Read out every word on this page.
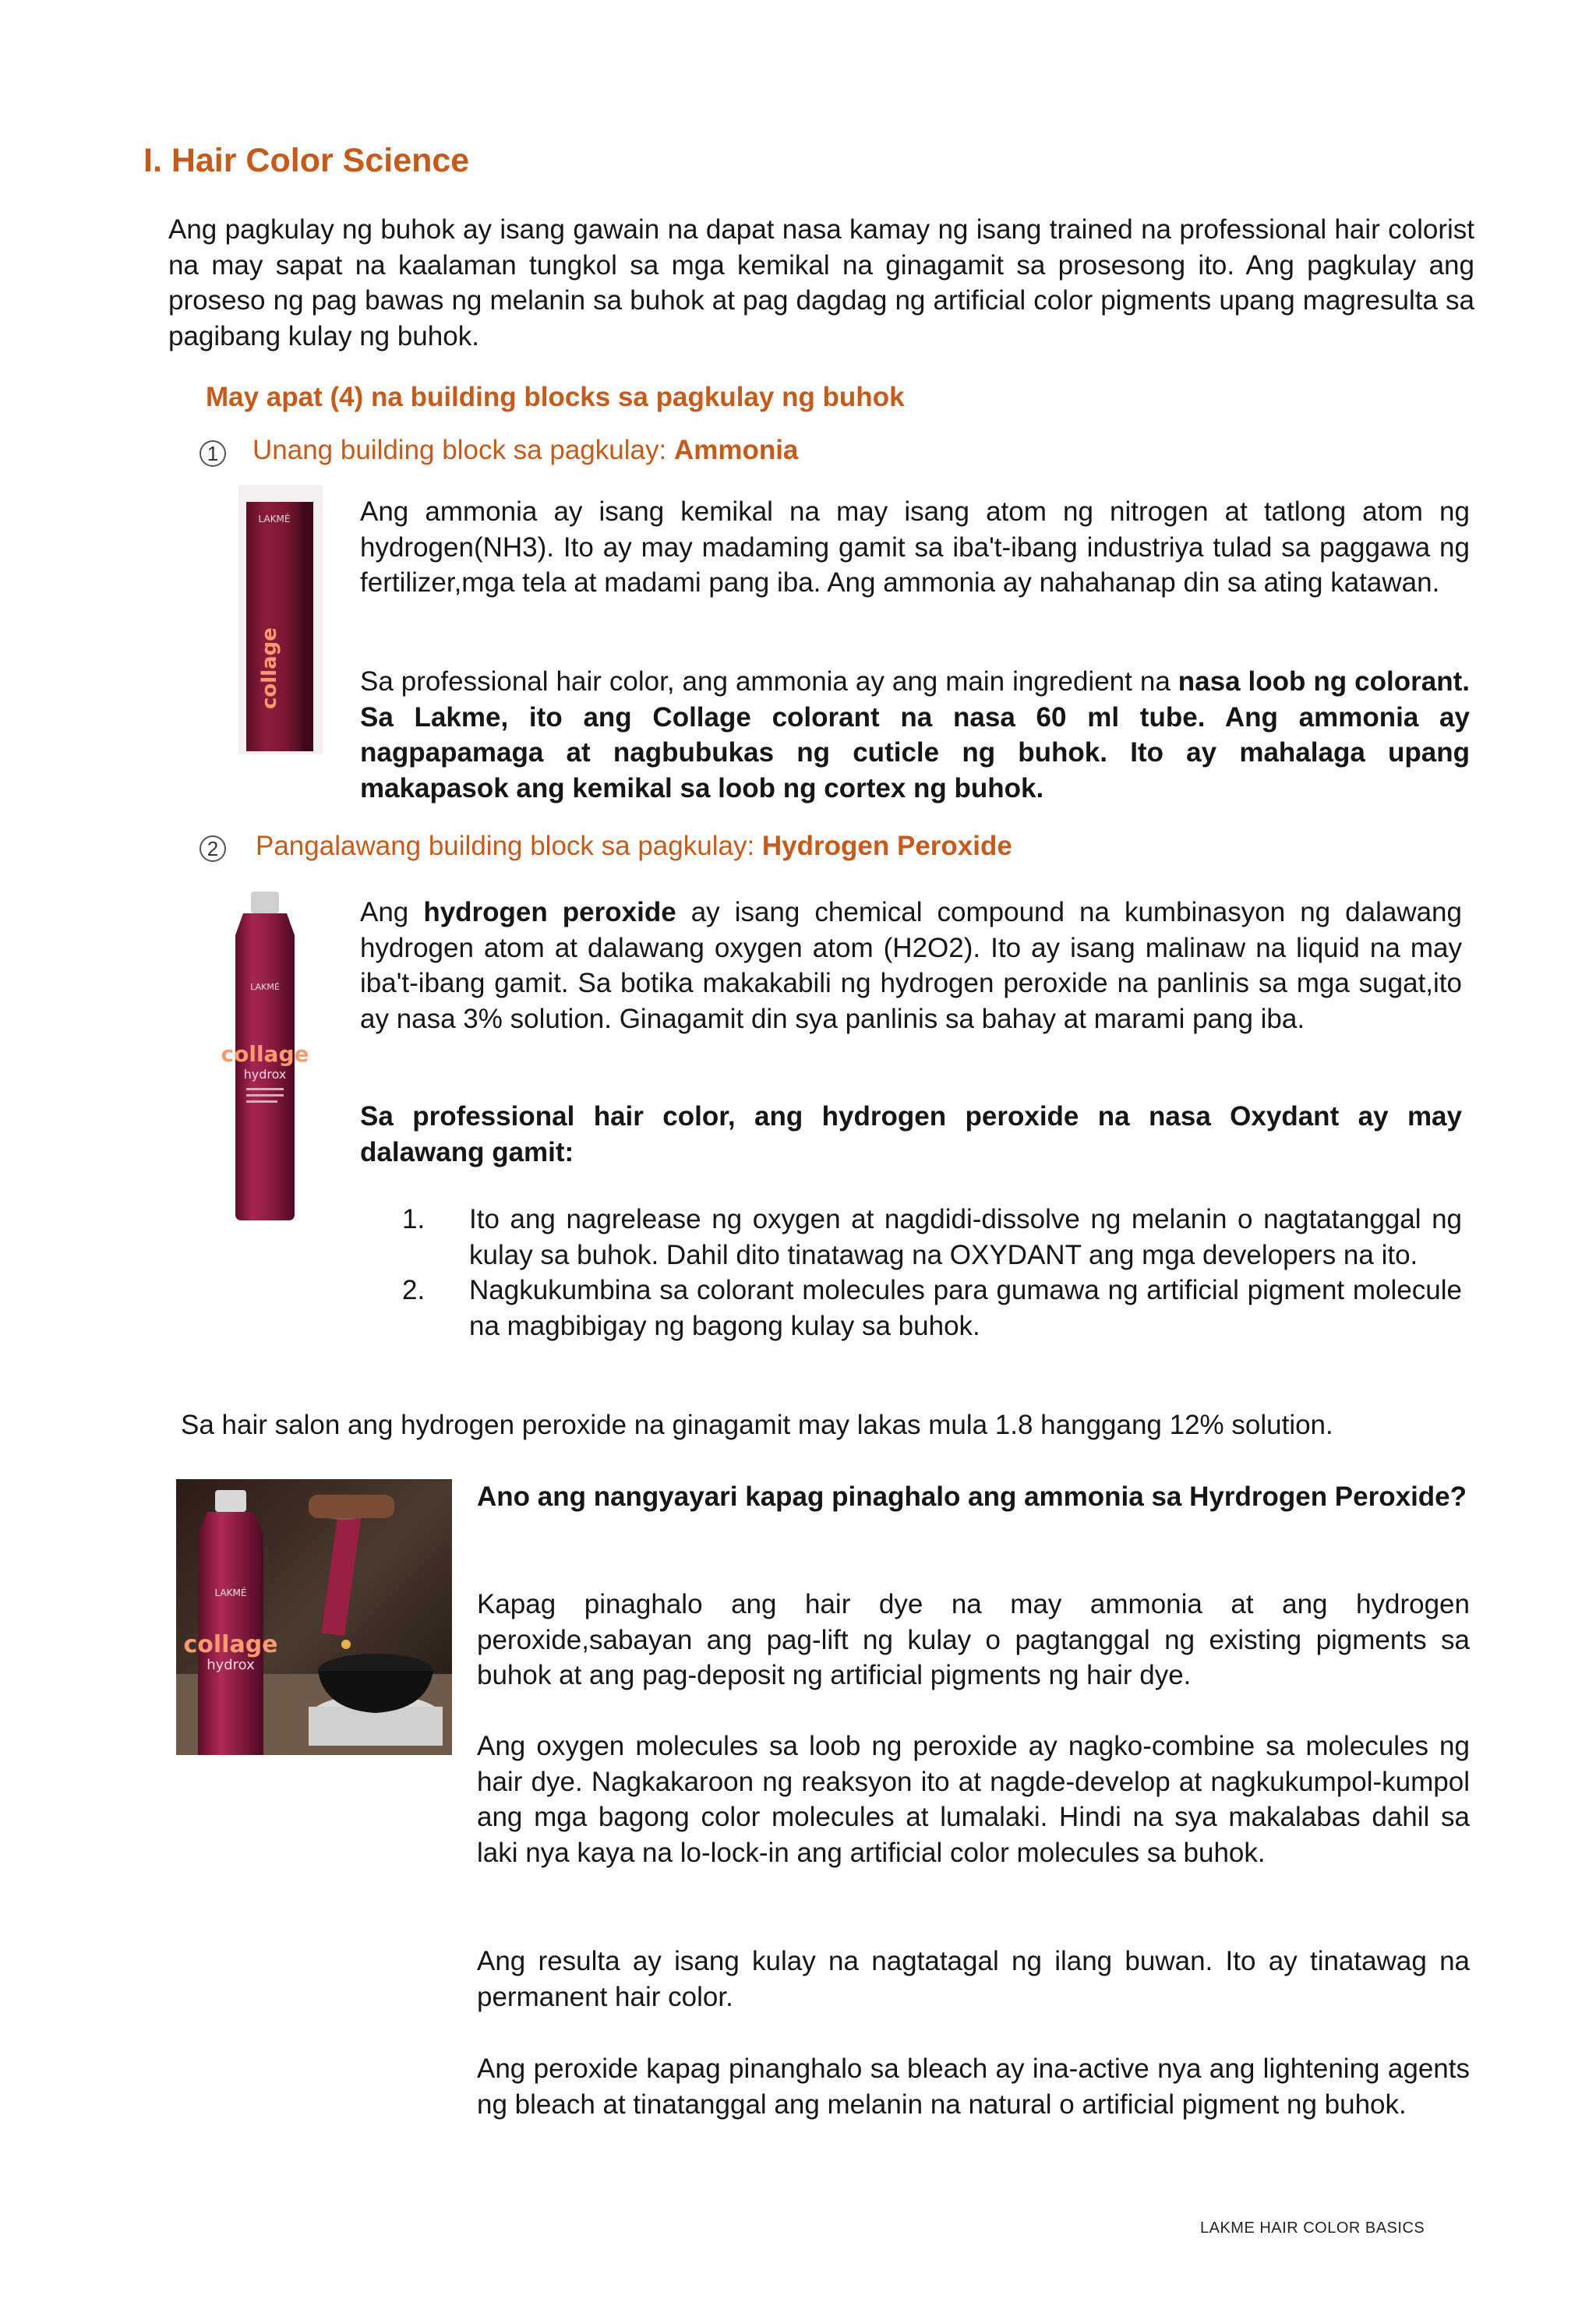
I. Hair Color Science
Ang pagkulay ng buhok ay isang gawain na dapat nasa kamay ng isang trained na professional hair colorist na may sapat na kaalaman tungkol sa mga kemikal na ginagamit sa prosesong ito. Ang pagkulay ang proseso ng pag bawas ng melanin sa buhok at pag dagdag ng artificial color pigments upang magresulta sa pagibang kulay ng buhok.
May apat (4) na building blocks sa pagkulay ng buhok
1 Unang building block sa pagkulay: Ammonia
LAKMÉ
collage
Ang ammonia ay isang kemikal na may isang atom ng nitrogen at tatlong atom ng hydrogen(NH3). Ito ay may madaming gamit sa iba't-ibang industriya tulad sa paggawa ng fertilizer,mga tela at madami pang iba. Ang ammonia ay nahahanap din sa ating katawan.
Sa professional hair color, ang ammonia ay ang main ingredient na nasa loob ng colorant. Sa Lakme, ito ang Collage colorant na nasa 60 ml tube. Ang ammonia ay nagpapamaga at nagbubukas ng cuticle ng buhok. Ito ay mahalaga upang makapasok ang kemikal sa loob ng cortex ng buhok.
2 Pangalawang building block sa pagkulay: Hydrogen Peroxide
LAKMÉ
collage
hydrox
Ang hydrogen peroxide ay isang chemical compound na kumbinasyon ng dalawang hydrogen atom at dalawang oxygen atom (H2O2). Ito ay isang malinaw na liquid na may iba't-ibang gamit. Sa botika makakabili ng hydrogen peroxide na panlinis sa mga sugat,ito ay nasa 3% solution. Ginagamit din sya panlinis sa bahay at marami pang iba.
Sa professional hair color, ang hydrogen peroxide na nasa Oxydant ay may dalawang gamit:
1.	Ito ang nagrelease ng oxygen at nagdidi-dissolve ng melanin o nagtatanggal ng kulay sa buhok. Dahil dito tinatawag na OXYDANT ang mga developers na ito.
2.	Nagkukumbina sa colorant molecules para gumawa ng artificial pigment molecule na magbibigay ng bagong kulay sa buhok.
Sa hair salon ang hydrogen peroxide na ginagamit may lakas mula 1.8 hanggang 12% solution.
LAKMÉ
collage
hydrox
Ano ang nangyayari kapag pinaghalo ang ammonia sa Hyrdrogen Peroxide?
Kapag pinaghalo ang hair dye na may ammonia at ang hydrogen peroxide,sabayan ang pag-lift ng kulay o pagtanggal ng existing pigments sa buhok at ang pag-deposit ng artificial pigments ng hair dye.
Ang oxygen molecules sa loob ng peroxide ay nagko-combine sa molecules ng hair dye. Nagkakaroon ng reaksyon ito at nagde-develop at nagkukumpol-kumpol ang mga bagong color molecules at lumalaki. Hindi na sya makalabas dahil sa laki nya kaya na lo-lock-in ang artificial color molecules sa buhok.
Ang resulta ay isang kulay na nagtatagal ng ilang buwan. Ito ay tinatawag na permanent hair color.
Ang peroxide kapag pinanghalo sa bleach ay ina-active nya ang lightening agents ng bleach at tinatanggal ang melanin na natural o artificial pigment ng buhok.
LAKME HAIR COLOR BASICS
